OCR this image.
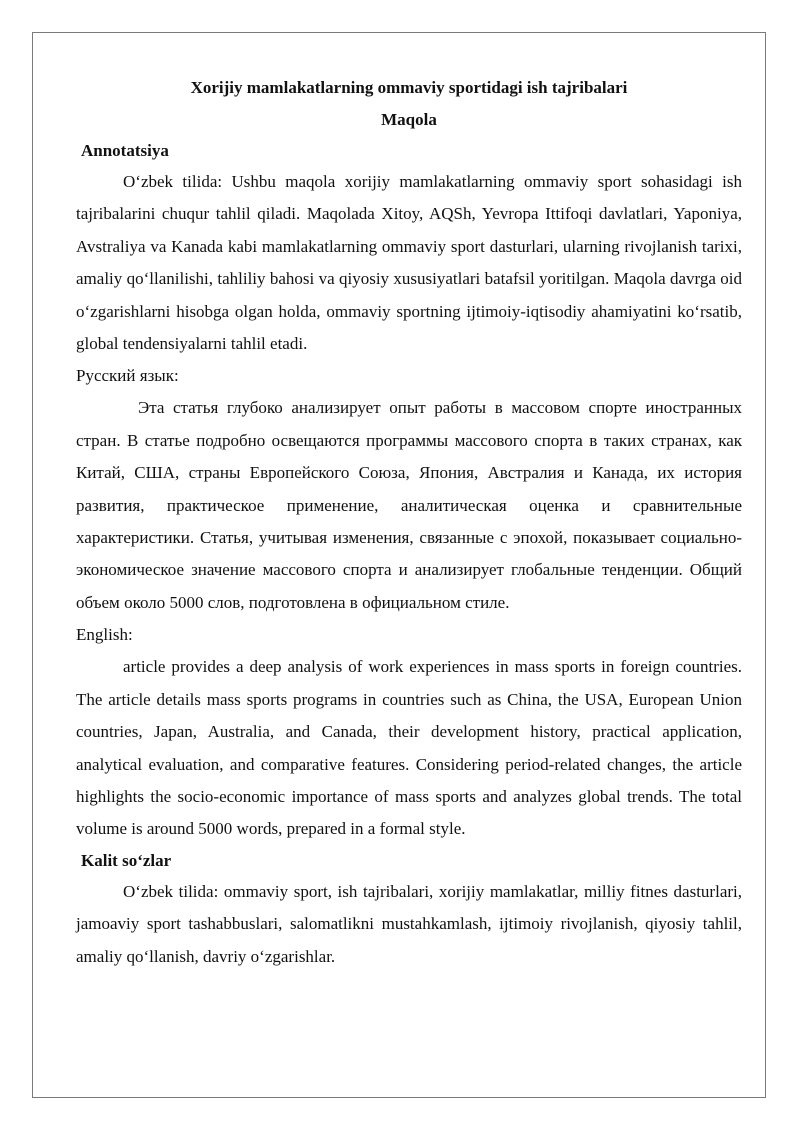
Xorijiy mamlakatlarning ommaviy sportidagi ish tajribalari

Maqola

Annotatsiya

O‘zbek tilida: Ushbu maqola xorijiy mamlakatlarning ommaviy sport sohasidagi ish tajribalarini chuqur tahlil qiladi. Maqolada Xitoy, AQSh, Yevropa Ittifoqi davlatlari, Yaponiya, Avstraliya va Kanada kabi mamlakatlarning ommaviy sport dasturlari, ularning rivojlanish tarixi, amaliy qo‘llanilishi, tahliliy bahosi va qiyosiy xususiyatlari batafsil yoritilgan. Maqola davrga oid o‘zgarishlarni hisobga olgan holda, ommaviy sportning ijtimoiy-iqtisodiy ahamiyatini ko‘rsatib, global tendensiyalarni tahlil etadi.

Русский язык:

Эта статья глубоко анализирует опыт работы в массовом спорте иностранных стран. В статье подробно освещаются программы массового спорта в таких странах, как Китай, США, страны Европейского Союза, Япония, Австралия и Канада, их история развития, практическое применение, аналитическая оценка и сравнительные характеристики. Статья, учитывая изменения, связанные с эпохой, показывает социально-экономическое значение массового спорта и анализирует глобальные тенденции. Общий объем около 5000 слов, подготовлена в официальном стиле.

English:

article provides a deep analysis of work experiences in mass sports in foreign countries. The article details mass sports programs in countries such as China, the USA, European Union countries, Japan, Australia, and Canada, their development history, practical application, analytical evaluation, and comparative features. Considering period-related changes, the article highlights the socio-economic importance of mass sports and analyzes global trends. The total volume is around 5000 words, prepared in a formal style.

Kalit so‘zlar

O‘zbek tilida: ommaviy sport, ish tajribalari, xorijiy mamlakatlar, milliy fitnes dasturlari, jamoaviy sport tashabbuslari, salomatlikni mustahkamlash, ijtimoiy rivojlanish, qiyosiy tahlil, amaliy qo‘llanish, davriy o‘zgarishlar.
